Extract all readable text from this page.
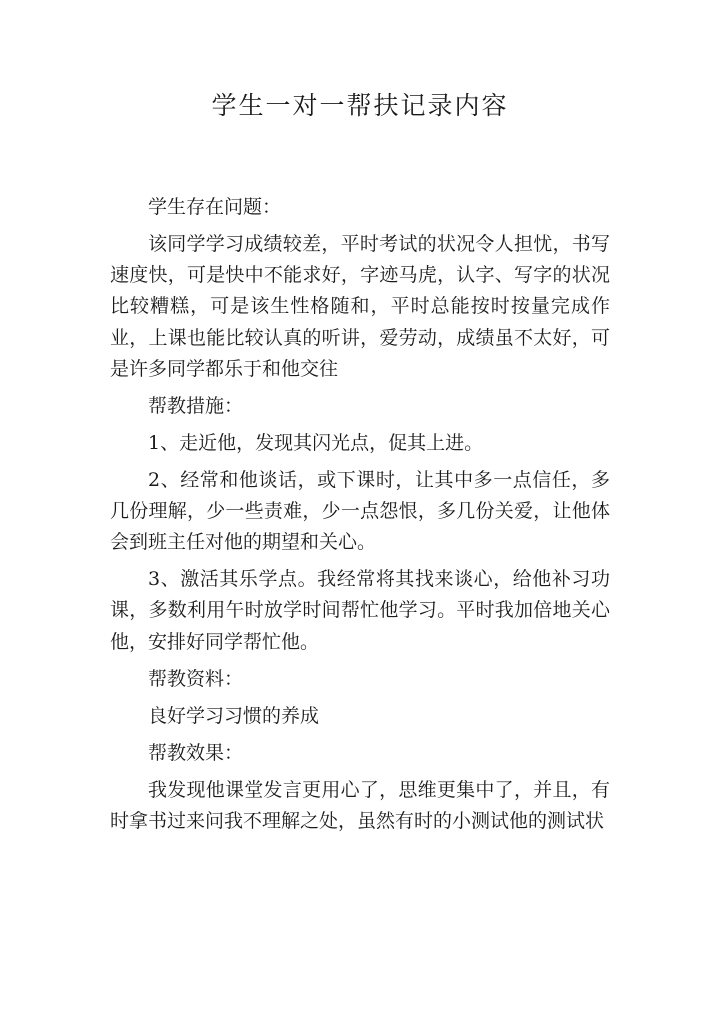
学生一对一帮扶记录内容

学生存在问题：

该同学学习成绩较差，平时考试的状况令人担忧，书写速度快，可是快中不能求好，字迹马虎，认字、写字的状况比较糟糕，可是该生性格随和，平时总能按时按量完成作业，上课也能比较认真的听讲，爱劳动，成绩虽不太好，可是许多同学都乐于和他交往

帮教措施：

1、走近他，发现其闪光点，促其上进。

2、经常和他谈话，或下课时，让其中多一点信任，多几份理解，少一些责难，少一点怨恨，多几份关爱，让他体会到班主任对他的期望和关心。

3、激活其乐学点。我经常将其找来谈心，给他补习功课，多数利用午时放学时间帮忙他学习。平时我加倍地关心他，安排好同学帮忙他。

帮教资料：

良好学习习惯的养成

帮教效果：

我发现他课堂发言更用心了，思维更集中了，并且，有时拿书过来问我不理解之处，虽然有时的小测试他的测试状
